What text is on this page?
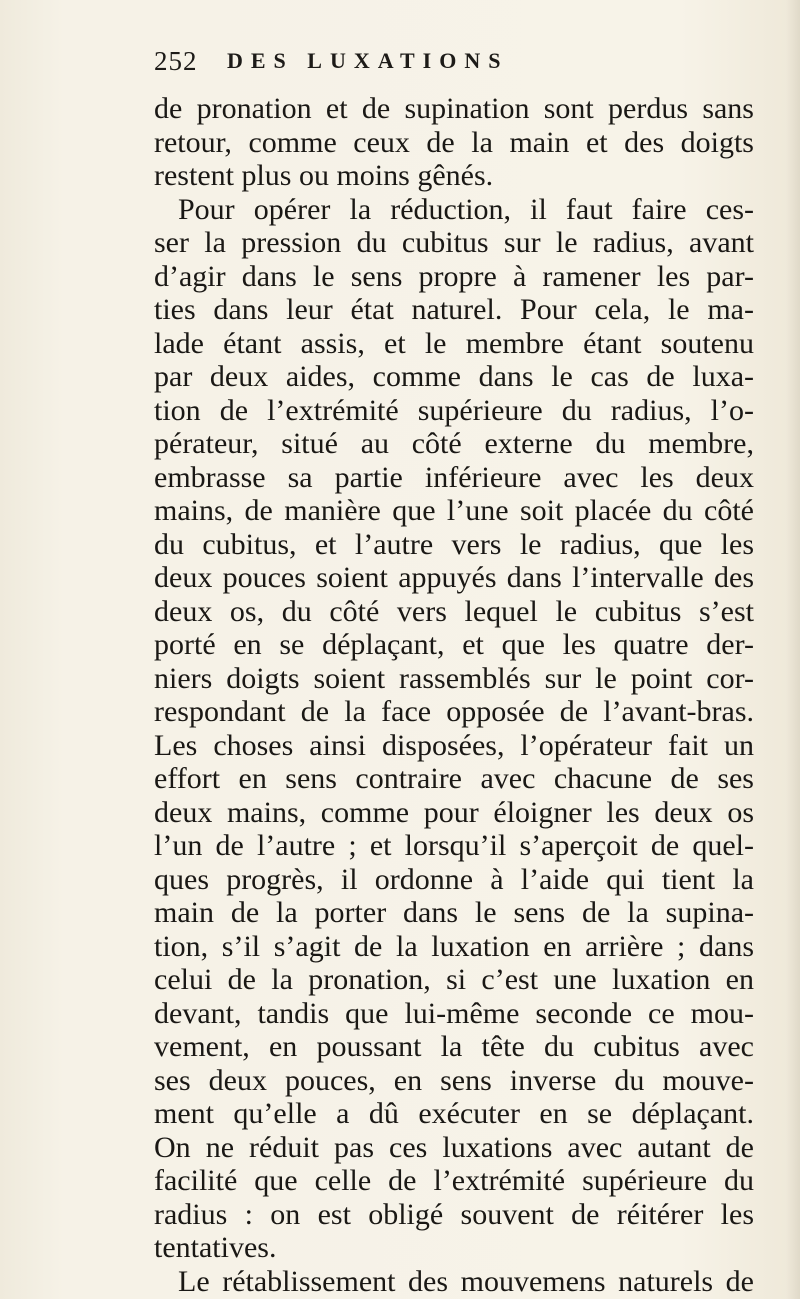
252 DES LUXATIONS
de pronation et de supination sont perdus sans
retour, comme ceux de la main et des doigts
restent plus ou moins gênés.
Pour opérer la réduction, il faut faire ces-
ser la pression du cubitus sur le radius, avant
d’agir dans le sens propre à ramener les par-
ties dans leur état naturel. Pour cela, le ma-
lade étant assis, et le membre étant soutenu
par deux aides, comme dans le cas de luxa-
tion de l’extrémité supérieure du radius, l’o-
pérateur, situé au côté externe du membre,
embrasse sa partie inférieure avec les deux
mains, de manière que l’une soit placée du côté
du cubitus, et l’autre vers le radius, que les
deux pouces soient appuyés dans l’intervalle des
deux os, du côté vers lequel le cubitus s’est
porté en se déplaçant, et que les quatre der-
niers doigts soient rassemblés sur le point cor-
respondant de la face opposée de l’avant-bras.
Les choses ainsi disposées, l’opérateur fait un
effort en sens contraire avec chacune de ses
deux mains, comme pour éloigner les deux os
l’un de l’autre ; et lorsqu’il s’aperçoit de quel-
ques progrès, il ordonne à l’aide qui tient la
main de la porter dans le sens de la supina-
tion, s’il s’agit de la luxation en arrière ; dans
celui de la pronation, si c’est une luxation en
devant, tandis que lui-même seconde ce mou-
vement, en poussant la tête du cubitus avec
ses deux pouces, en sens inverse du mouve-
ment qu’elle a dû exécuter en se déplaçant.
On ne réduit pas ces luxations avec autant de
facilité que celle de l’extrémité supérieure du
radius : on est obligé souvent de réitérer les
tentatives.
Le rétablissement des mouvemens naturels de
